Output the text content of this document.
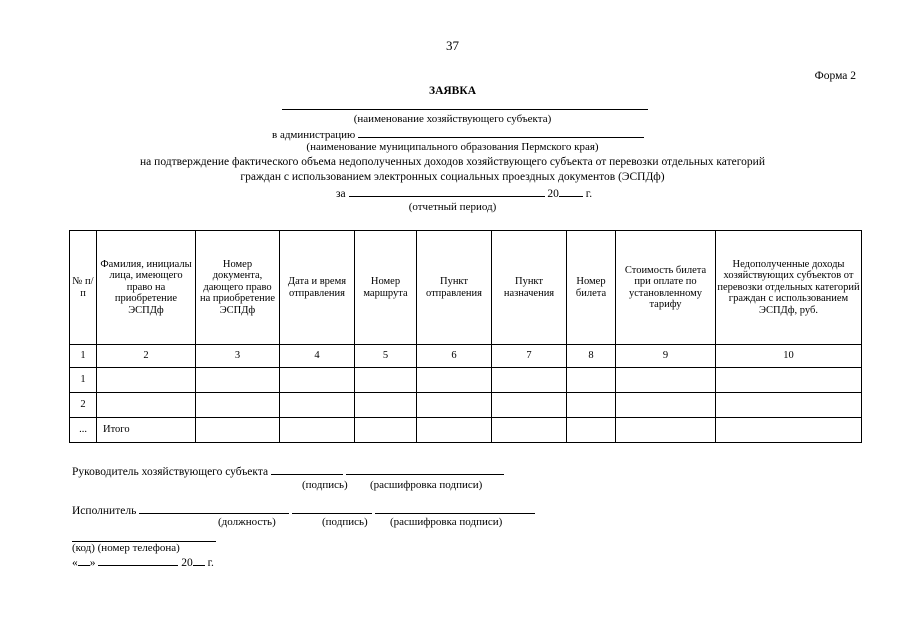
37
Форма 2
ЗАЯВКА
(наименование хозяйствующего субъекта)
в администрацию
(наименование муниципального образования Пермского края)
на подтверждение фактического объема недополученных доходов хозяйствующего субъекта от перевозки отдельных категорий
граждан с использованием электронных социальных проездных документов (ЭСПДф)
за	20 г.
(отчетный период)
№ п/п	Фамилия, инициалы лица, имеющего право на приобретение ЭСПДф	Номер документа, дающего право на приобретение ЭСПДф	Дата и время отправления	Номер маршрута	Пункт отправления	Пункт назначения	Номер билета	Стоимость билета при оплате по установленному тарифу	Недополученные доходы хозяйствующих субъектов от перевозки отдельных категорий граждан с использованием ЭСПДф, руб.
1	2	3	4	5	6	7	8	9	10
1									
2									
...	Итого								
Руководитель хозяйствующего субъекта
(подпись) (расшифровка подписи)
Исполнитель
(должность)	(подпись) (расшифровка подписи)
(код) (номер телефона)
« »	20 г.
